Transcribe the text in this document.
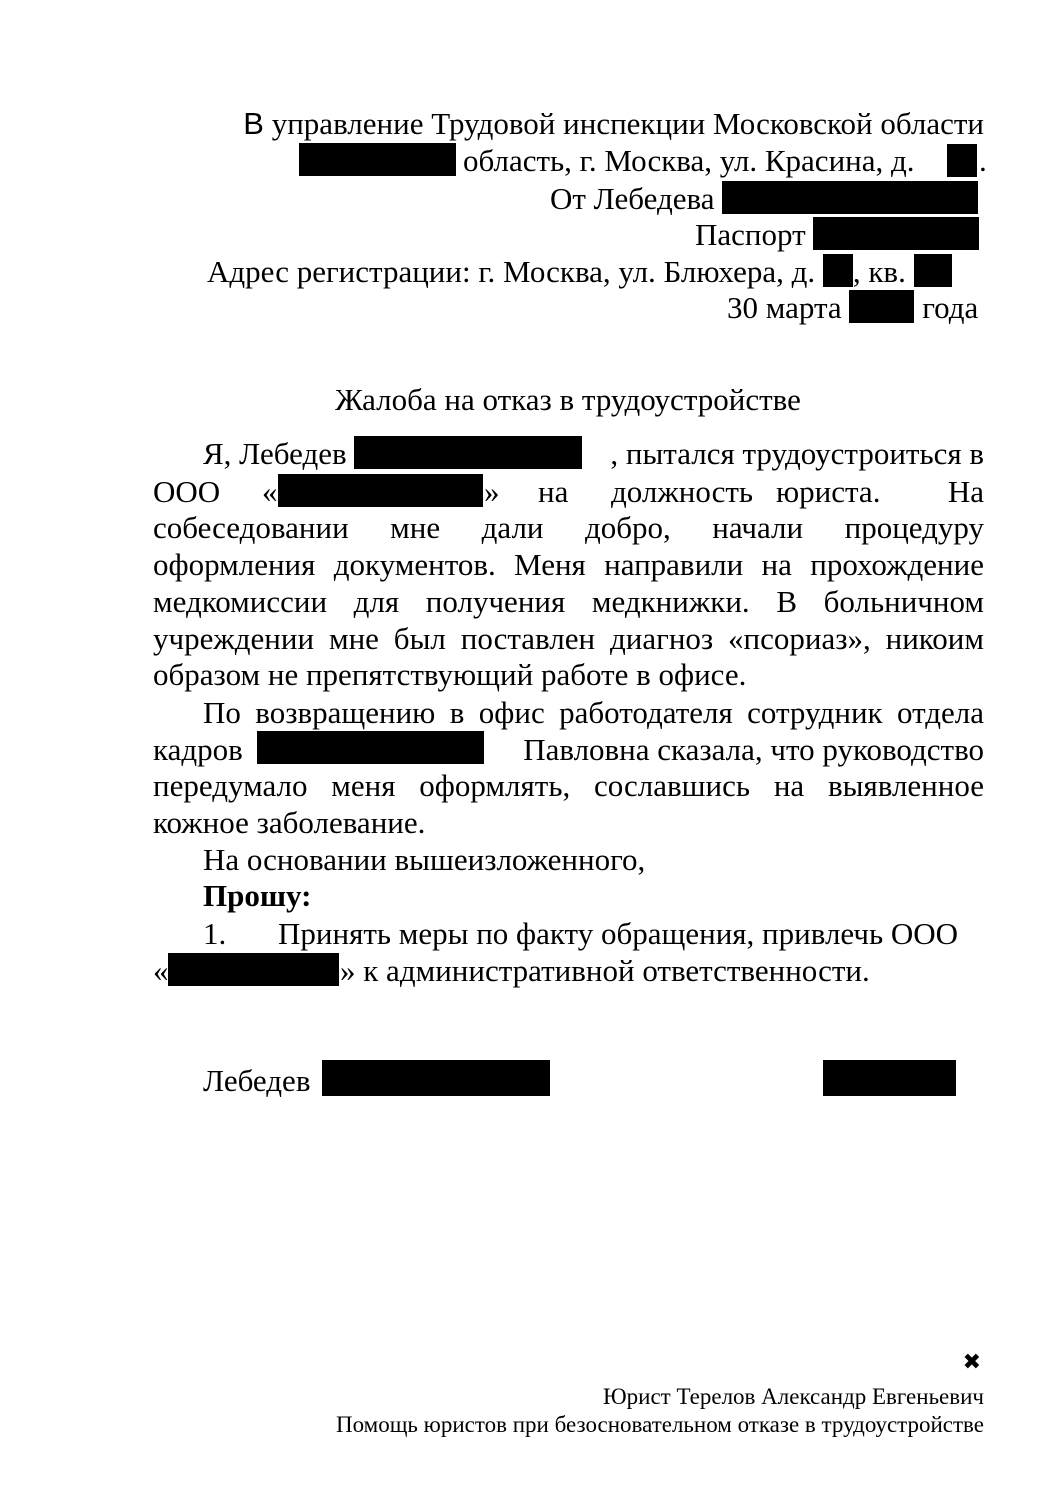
В управление Трудовой инспекции Московской области
область, г. Москва, ул. Красина, д. .
От Лебедева
Паспорт
Адрес регистрации: г. Москва, ул. Блюхера, д. , кв.
30 марта	года
Жалоба на отказ в трудоустройстве
Я, Лебедев	, пытался трудоустроиться в
ООО «	» на должность юриста. На
собеседовании мне дали добро, начали процедуру
оформления документов. Меня направили на прохождение
медкомиссии для получения медкнижки. В больничном
учреждении мне был поставлен диагноз «псориаз», никоим
образом не препятствующий работе в офисе.
По возвращению в офис работодателя сотрудник отдела
кадров	Павловна сказала, что руководство
передумало меня оформлять, сославшись на выявленное
кожное заболевание.
На основании вышеизложенного,
Прошу:
1. Принять меры по факту обращения, привлечь ООО
«	» к административной ответственности.
Лебедев
✖
Юрист Терелов Александр Евгеньевич
Помощь юристов при безосновательном отказе в трудоустройстве
